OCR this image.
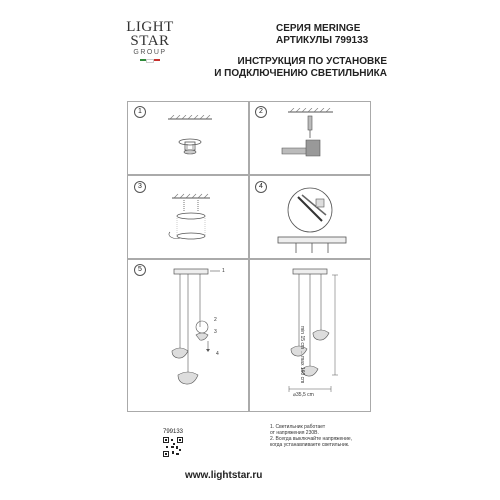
LIGHT
STAR
GROUP
СЕРИЯ MERINGE
АРТИКУЛЫ 799133
ИНСТРУКЦИЯ ПО УСТАНОВКЕ
И ПОДКЛЮЧЕНИЮ СВЕТИЛЬНИКА
1	2
3	4
5	1
2
3
4	min 15 cm ... max 160 cm
⌀35,5 cm
799133
1. Светильник работает
от напряжения 230В.
2. Всегда выключайте напряжение,
когда устанавливаете светильник.
www.lightstar.ru
